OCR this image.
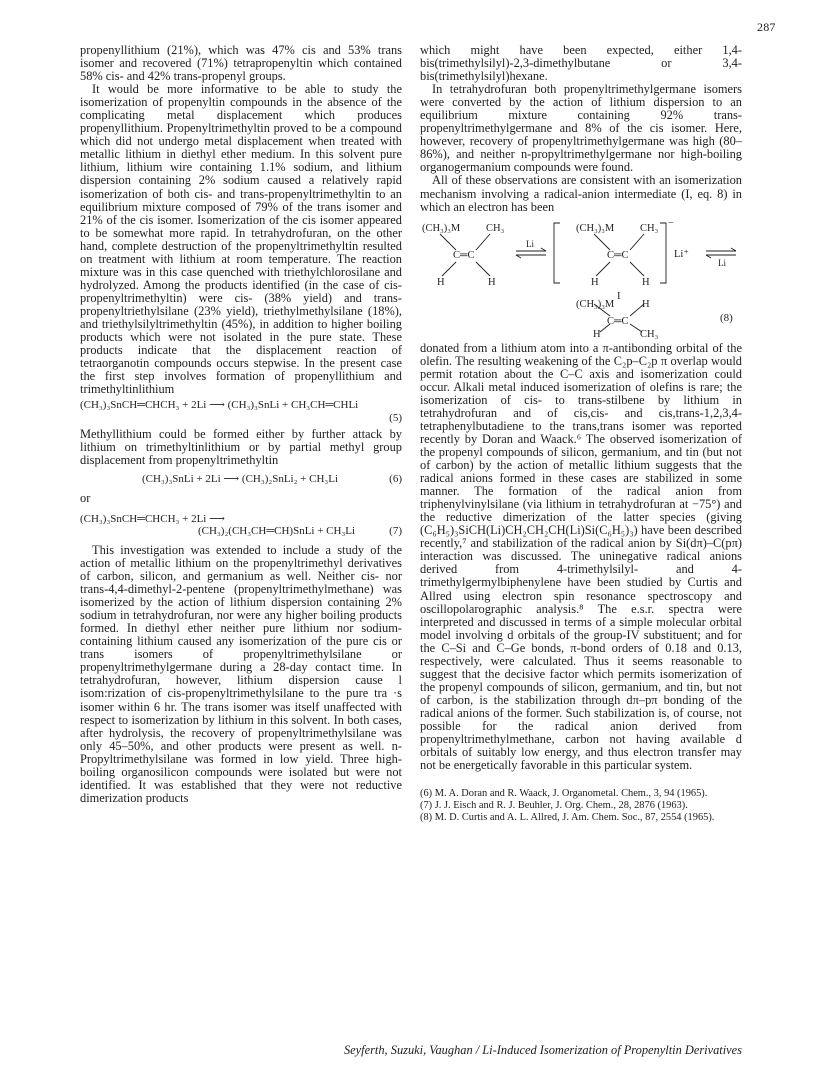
287

propenyllithium (21%), which was 47% cis and 53% trans isomer and recovered (71%) tetrapropenyltin which contained 58% cis- and 42% trans-propenyl groups.

It would be more informative to be able to study the isomerization of propenyltin compounds in the absence of the complicating metal displacement which produces propenyllithium. Propenyltrimethyltin proved to be a compound which did not undergo metal displacement when treated with metallic lithium in diethyl ether medium. In this solvent pure lithium, lithium wire containing 1.1% sodium, and lithium dispersion containing 2% sodium caused a relatively rapid isomerization of both cis- and trans-propenyltrimethyltin to an equilibrium mixture composed of 79% of the trans isomer and 21% of the cis isomer. Isomerization of the cis isomer appeared to be somewhat more rapid. In tetrahydrofuran, on the other hand, complete destruction of the propenyltrimethyltin resulted on treatment with lithium at room temperature. The reaction mixture was in this case quenched with triethylchlorosilane and hydrolyzed. Among the products identified (in the case of cis-propenyltrimethyltin) were cis- (38% yield) and trans-propenyltriethylsilane (23% yield), triethylmethylsilane (18%), and triethylsilyltrimethyltin (45%), in addition to higher boiling products which were not isolated in the pure state. These products indicate that the displacement reaction of tetraorganotin compounds occurs stepwise. In the present case the first step involves formation of propenyllithium and trimethyltinlithium

(CH₃)₃SnCH═CHCH₃ + 2Li ⟶ (CH₃)₃SnLi + CH₃CH═CHLi
(5)

Methyllithium could be formed either by further attack by lithium on trimethyltinlithium or by partial methyl group displacement from propenyltrimethyltin

(CH₃)₃SnLi + 2Li ⟶ (CH₃)₂SnLi₂ + CH₃Li	(6)
or
(CH₃)₃SnCH═CHCH₃ + 2Li ⟶
(CH₃)₂(CH₃CH═CH)SnLi + CH₃Li	(7)

This investigation was extended to include a study of the action of metallic lithium on the propenyltrimethyl derivatives of carbon, silicon, and germanium as well. Neither cis- nor trans-4,4-dimethyl-2-pentene (propenyltrimethylmethane) was isomerized by the action of lithium dispersion containing 2% sodium in tetrahydrofuran, nor were any higher boiling products formed. In diethyl ether neither pure lithium nor sodium-containing lithium caused any isomerization of the pure cis or trans isomers of propenyltrimethylsilane or propenyltrimethylgermane during a 28-day contact time. In tetrahydrofuran, however, lithium dispersion cause l isom:rization of cis-propenyltrimethylsilane to the pure tra ·s isomer within 6 hr. The trans isomer was itself unaffected with respect to isomerization by lithium in this solvent. In both cases, after hydrolysis, the recovery of propenyltrimethylsilane was only 45–50%, and other products were present as well. n-Propyltrimethylsilane was formed in low yield. Three high-boiling organosilicon compounds were isolated but were not identified. It was established that they were not reductive dimerization products

which might have been expected, either 1,4-bis(trimethylsilyl)-2,3-dimethylbutane or 3,4-bis(trimethylsilyl)hexane.

In tetrahydrofuran both propenyltrimethylgermane isomers were converted by the action of lithium dispersion to an equilibrium mixture containing 92% trans-propenyltrimethylgermane and 8% of the cis isomer. Here, however, recovery of propenyltrimethylgermane was high (80–86%), and neither n-propyltrimethylgermane nor high-boiling organogermanium compounds were found.

All of these observations are consistent with an isomerization mechanism involving a radical-anion intermediate (I, eq. 8) in which an electron has been

(CH₃)₃M CH₃
C═C
H	H
Li
(CH₃)₃M CH₃ −
C═C	Li⁺
Li
H	H
I
(CH₃)₃M	H
C═C
H	CH₃
(8)

donated from a lithium atom into a π-antibonding orbital of the olefin. The resulting weakening of the C₂p–C₂p π overlap would permit rotation about the C–C axis and isomerization could occur. Alkali metal induced isomerization of olefins is rare; the isomerization of cis- to trans-stilbene by lithium in tetrahydrofuran and of cis,cis- and cis,trans-1,2,3,4-tetraphenylbutadiene to the trans,trans isomer was reported recently by Doran and Waack.⁶ The observed isomerization of the propenyl compounds of silicon, germanium, and tin (but not of carbon) by the action of metallic lithium suggests that the radical anions formed in these cases are stabilized in some manner. The formation of the radical anion from triphenylvinylsilane (via lithium in tetrahydrofuran at −75°) and the reductive dimerization of the latter species (giving (C₆H₅)₃SiCH(Li)CH₂CH₂CH(Li)Si(C₆H₅)₃) have been described recently,⁷ and stabilization of the radical anion by Si(dπ)–C(pπ) interaction was discussed. The uninegative radical anions derived from 4-trimethylsilyl- and 4-trimethylgermylbiphenylene have been studied by Curtis and Allred using electron spin resonance spectroscopy and oscillopolarographic analysis.⁸ The e.s.r. spectra were interpreted and discussed in terms of a simple molecular orbital model involving d orbitals of the group-IV substituent; and for the C–Si and C–Ge bonds, π-bond orders of 0.18 and 0.13, respectively, were calculated. Thus it seems reasonable to suggest that the decisive factor which permits isomerization of the propenyl compounds of silicon, germanium, and tin, but not of carbon, is the stabilization through dπ–pπ bonding of the radical anions of the former. Such stabilization is, of course, not possible for the radical anion derived from propenyltrimethylmethane, carbon not having available d orbitals of suitably low energy, and thus electron transfer may not be energetically favorable in this particular system.

(6) M. A. Doran and R. Waack, J. Organometal. Chem., 3, 94 (1965).
(7) J. J. Eisch and R. J. Beuhler, J. Org. Chem., 28, 2876 (1963).
(8) M. D. Curtis and A. L. Allred, J. Am. Chem. Soc., 87, 2554 (1965).
Seyferth, Suzuki, Vaughan / Li-Induced Isomerization of Propenyltin Derivatives
